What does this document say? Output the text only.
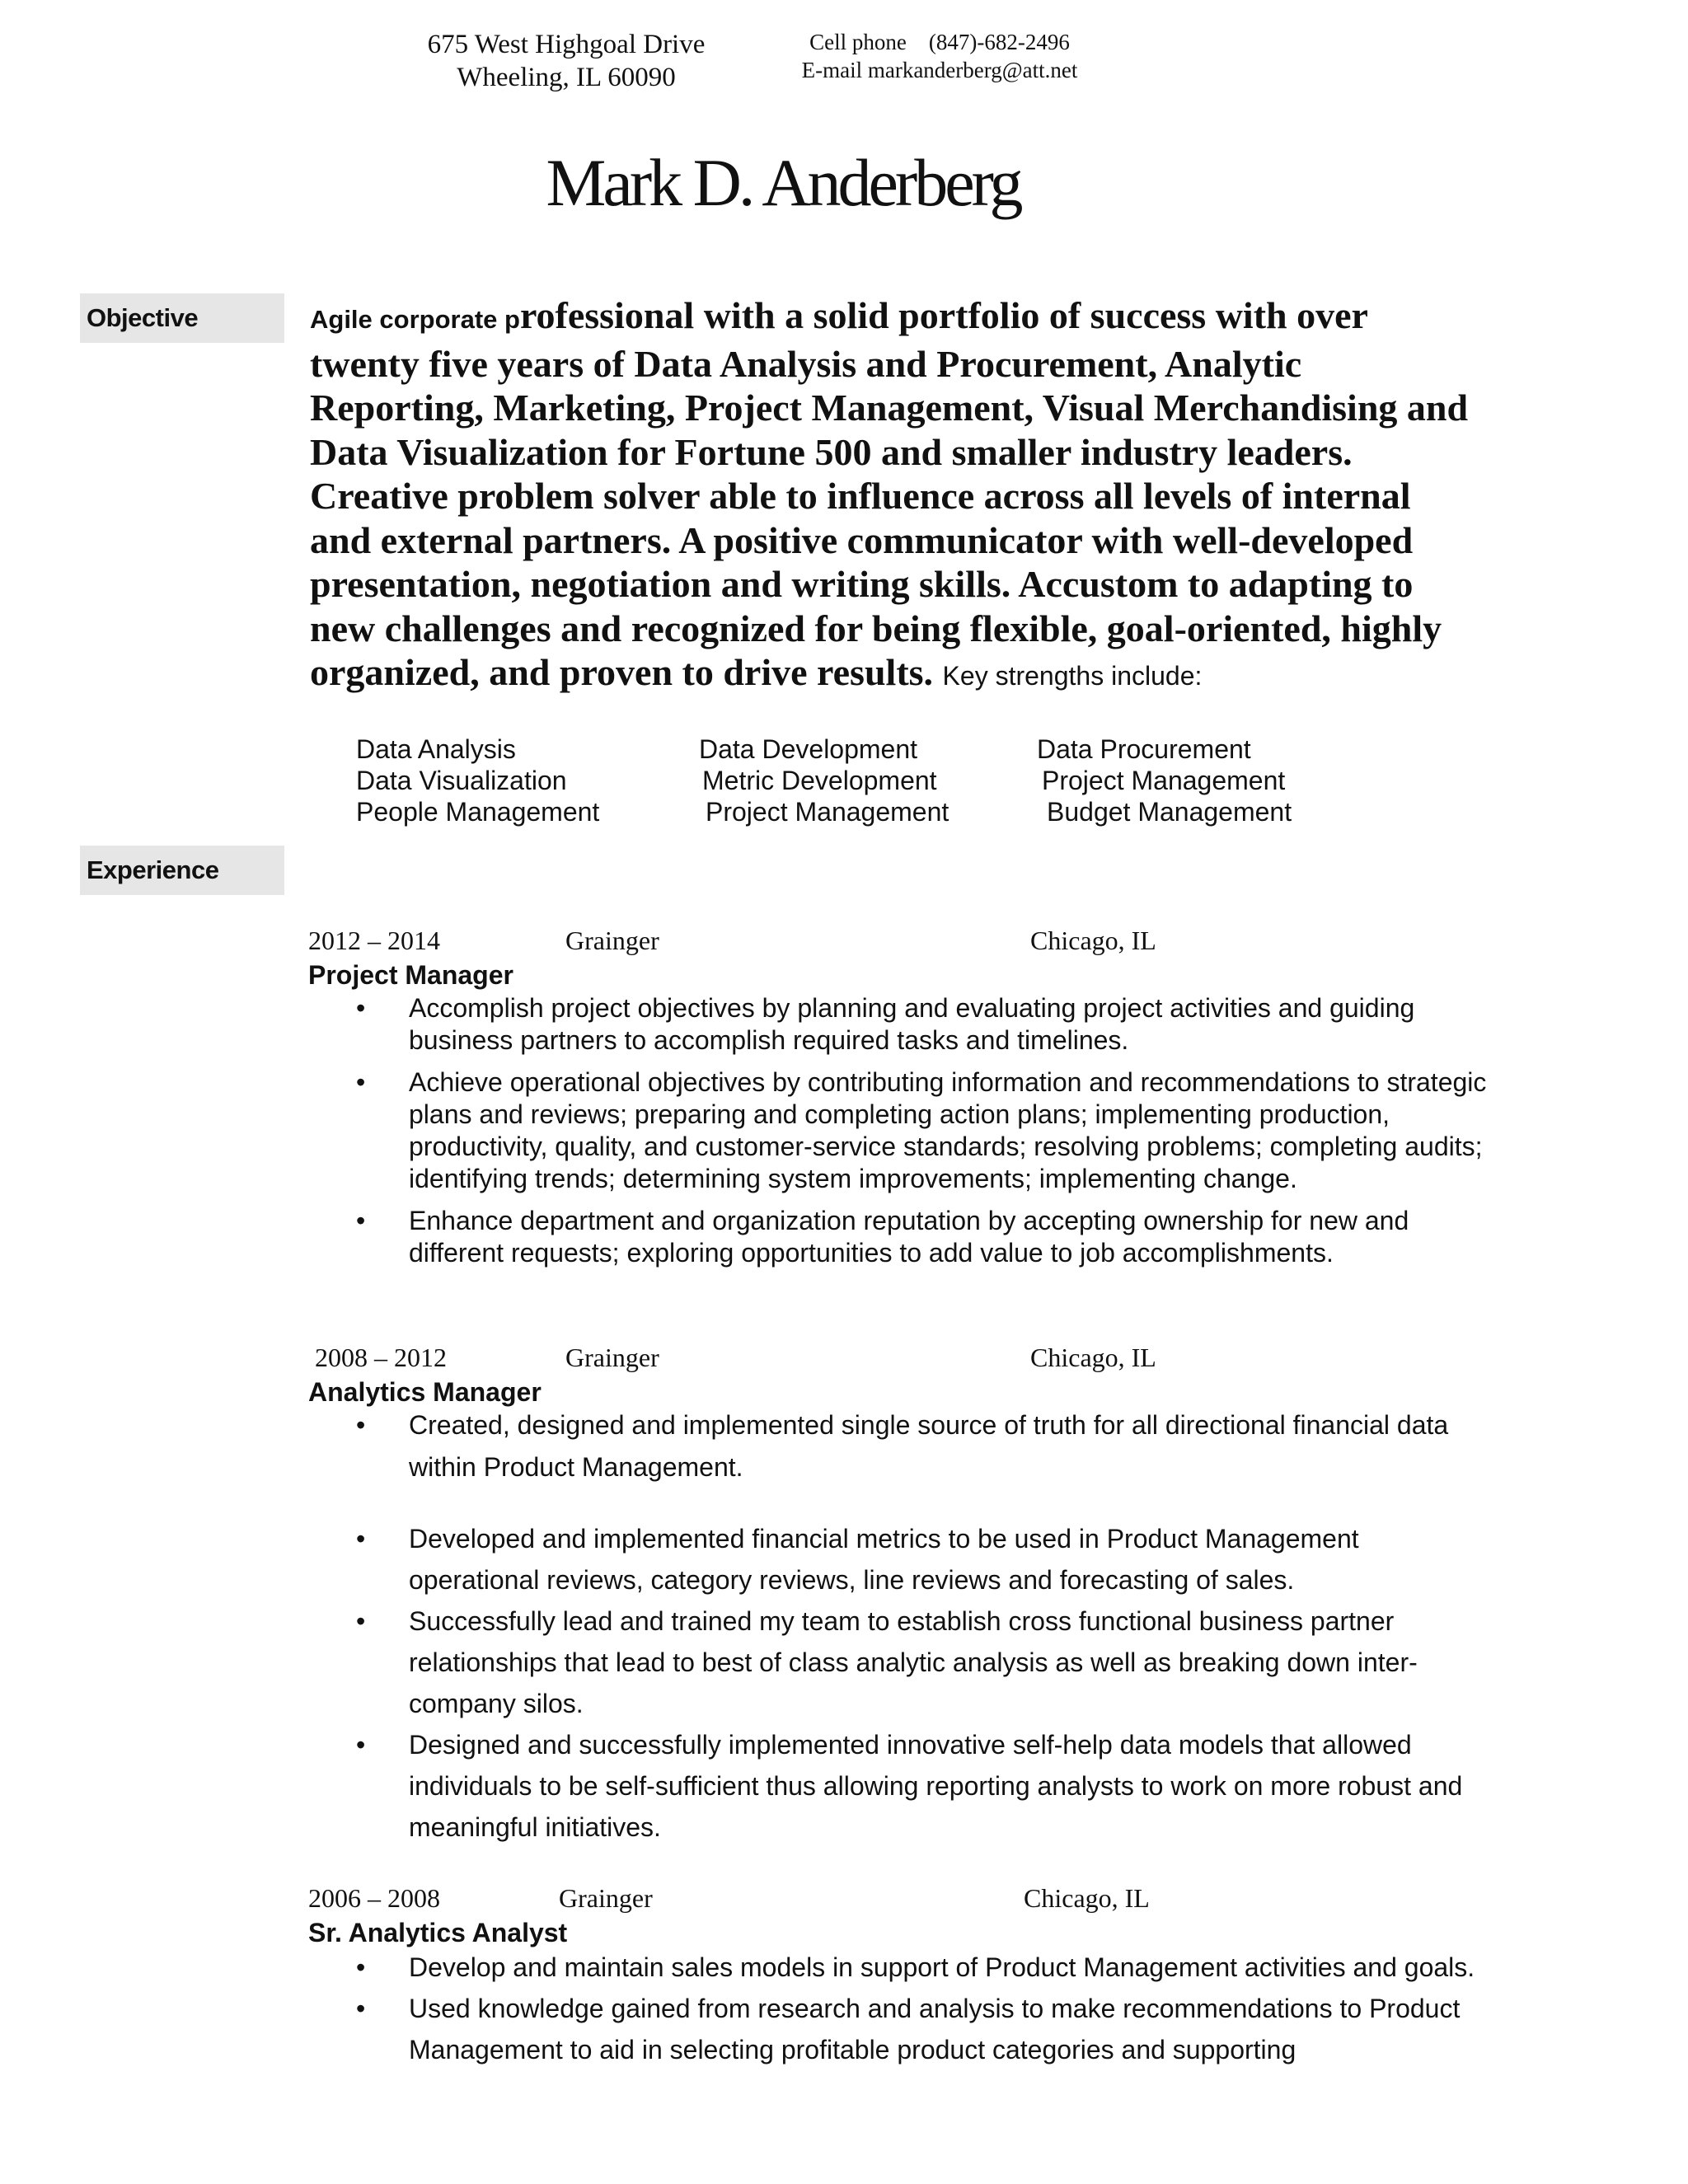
675 West Highgoal Drive
Wheeling, IL 60090
Cell phone    (847)-682-2496
E-mail markanderberg@att.net
Mark D. Anderberg
Objective	Agile corporate professional with a solid portfolio of success with over twenty five years of Data Analysis and Procurement, Analytic Reporting, Marketing, Project Management, Visual Merchandising and Data Visualization for Fortune 500 and smaller industry leaders. Creative problem solver able to influence across all levels of internal and external partners. A positive communicator with well-developed presentation, negotiation and writing skills. Accustom to adapting to new challenges and recognized for being flexible, goal-oriented, highly organized, and proven to drive results. Key strengths include:
Data Analysis	Data Development	Data Procurement
Data Visualization	Metric Development	Project Management
People Management	Project Management	Budget Management
Experience
2012 – 2014	Grainger	Chicago, IL
Project Manager
• Accomplish project objectives by planning and evaluating project activities and guiding business partners to accomplish required tasks and timelines.
• Achieve operational objectives by contributing information and recommendations to strategic plans and reviews; preparing and completing action plans; implementing production, productivity, quality, and customer-service standards; resolving problems; completing audits; identifying trends; determining system improvements; implementing change.
• Enhance department and organization reputation by accepting ownership for new and different requests; exploring opportunities to add value to job accomplishments.
2008 – 2012	Grainger	Chicago, IL
Analytics Manager
• Created, designed and implemented single source of truth for all directional financial data
within Product Management.
• Developed and implemented financial metrics to be used in Product Management operational reviews, category reviews, line reviews and forecasting of sales.
• Successfully lead and trained my team to establish cross functional business partner relationships that lead to best of class analytic analysis as well as breaking down inter-company silos.
• Designed and successfully implemented innovative self-help data models that allowed individuals to be self-sufficient thus allowing reporting analysts to work on more robust and meaningful initiatives.
2006 – 2008	Grainger	Chicago, IL
Sr. Analytics Analyst
• Develop and maintain sales models in support of Product Management activities and goals.
• Used knowledge gained from research and analysis to make recommendations to Product Management to aid in selecting profitable product categories and supporting
